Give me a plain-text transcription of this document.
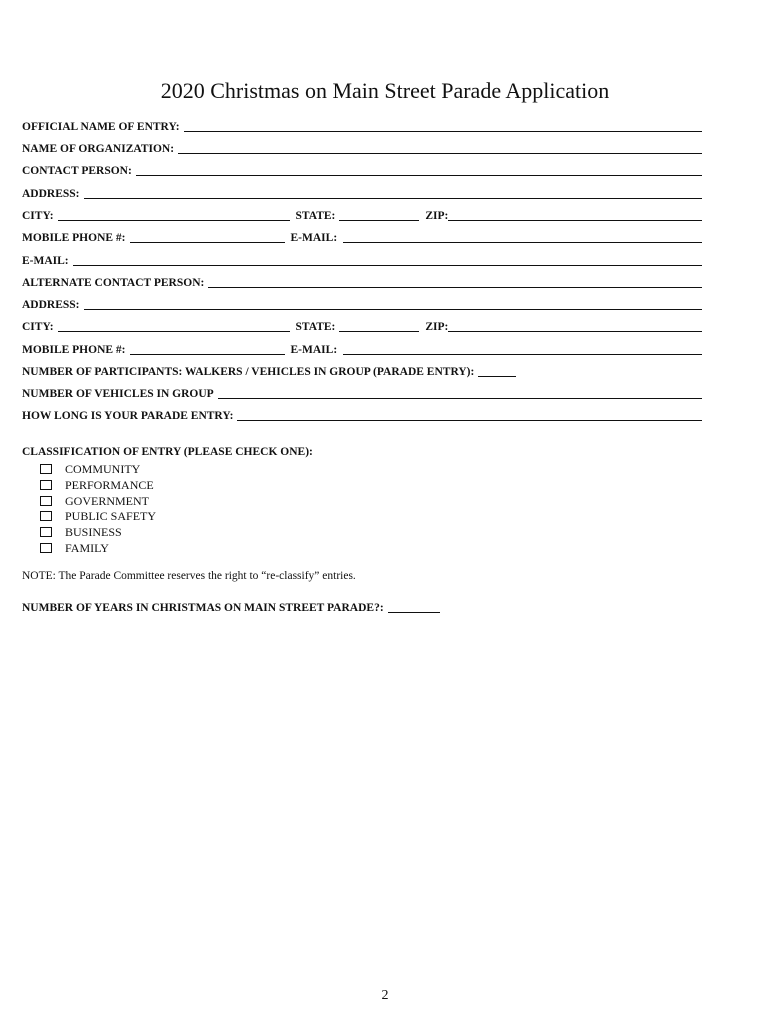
2020 Christmas on Main Street Parade Application
OFFICIAL NAME OF ENTRY:
NAME OF ORGANIZATION:
CONTACT PERSON:
ADDRESS:
CITY:	STATE:	ZIP:
MOBILE PHONE #:	E-MAIL:
E-MAIL:
ALTERNATE CONTACT PERSON:
ADDRESS:
CITY:	STATE:	ZIP:
MOBILE PHONE #:	E-MAIL:
NUMBER OF PARTICIPANTS: WALKERS / VEHICLES IN GROUP (PARADE ENTRY):
NUMBER OF VEHICLES IN GROUP
HOW LONG IS YOUR PARADE ENTRY:
CLASSIFICATION OF ENTRY (PLEASE CHECK ONE):
COMMUNITY
PERFORMANCE
GOVERNMENT
PUBLIC SAFETY
BUSINESS
FAMILY
NOTE: The Parade Committee reserves the right to “re-classify” entries.
NUMBER OF YEARS IN CHRISTMAS ON MAIN STREET PARADE?:
2
